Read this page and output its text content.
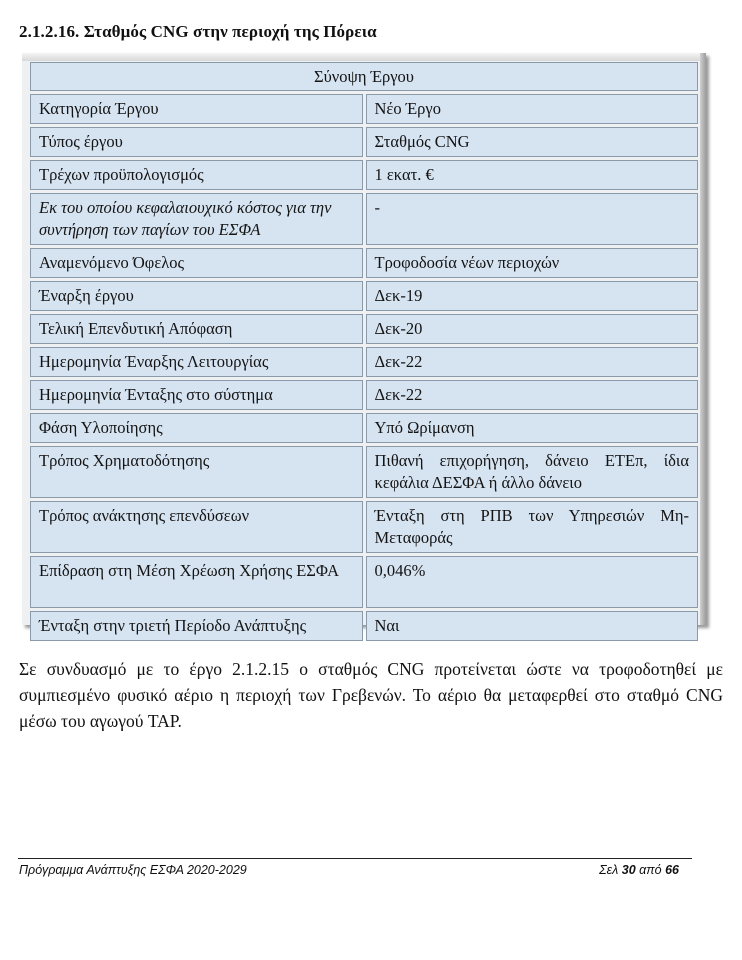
2.1.2.16. Σταθμός CNG στην περιοχή της Πόρεια
Σύνοψη Έργου	
Κατηγορία Έργου	Νέο Έργο
Τύπος έργου	Σταθμός CNG
Τρέχων προϋπολογισμός	1 εκατ. €
Εκ του οποίου κεφαλαιουχικό κόστος για την συντήρηση των παγίων του ΕΣΦΑ	-
Αναμενόμενο Όφελος	Τροφοδοσία νέων περιοχών
Έναρξη έργου	Δεκ-19
Τελική Επενδυτική Απόφαση	Δεκ-20
Ημερομηνία Έναρξης Λειτουργίας	Δεκ-22
Ημερομηνία Ένταξης στο σύστημα	Δεκ-22
Φάση Υλοποίησης	Υπό Ωρίμανση
Τρόπος Χρηματοδότησης	Πιθανή επιχορήγηση, δάνειο ΕΤΕπ, ίδια κεφάλια ΔΕΣΦΑ ή άλλο δάνειο
Τρόπος ανάκτησης επενδύσεων	Ένταξη στη ΡΠΒ των Υπηρεσιών Μη-Μεταφοράς
Επίδραση στη Μέση Χρέωση Χρήσης ΕΣΦΑ	0,046%
Ένταξη στην τριετή Περίοδο Ανάπτυξης	Ναι
Σε συνδυασμό με το έργο 2.1.2.15 ο σταθμός CNG προτείνεται ώστε να τροφοδοτηθεί με συμπιεσμένο φυσικό αέριο η περιοχή των Γρεβενών. Το αέριο θα μεταφερθεί στο σταθμό CNG μέσω του αγωγού TAP.
Πρόγραμμα Ανάπτυξης ΕΣΦΑ 2020-2029	Σελ 30 από 66
